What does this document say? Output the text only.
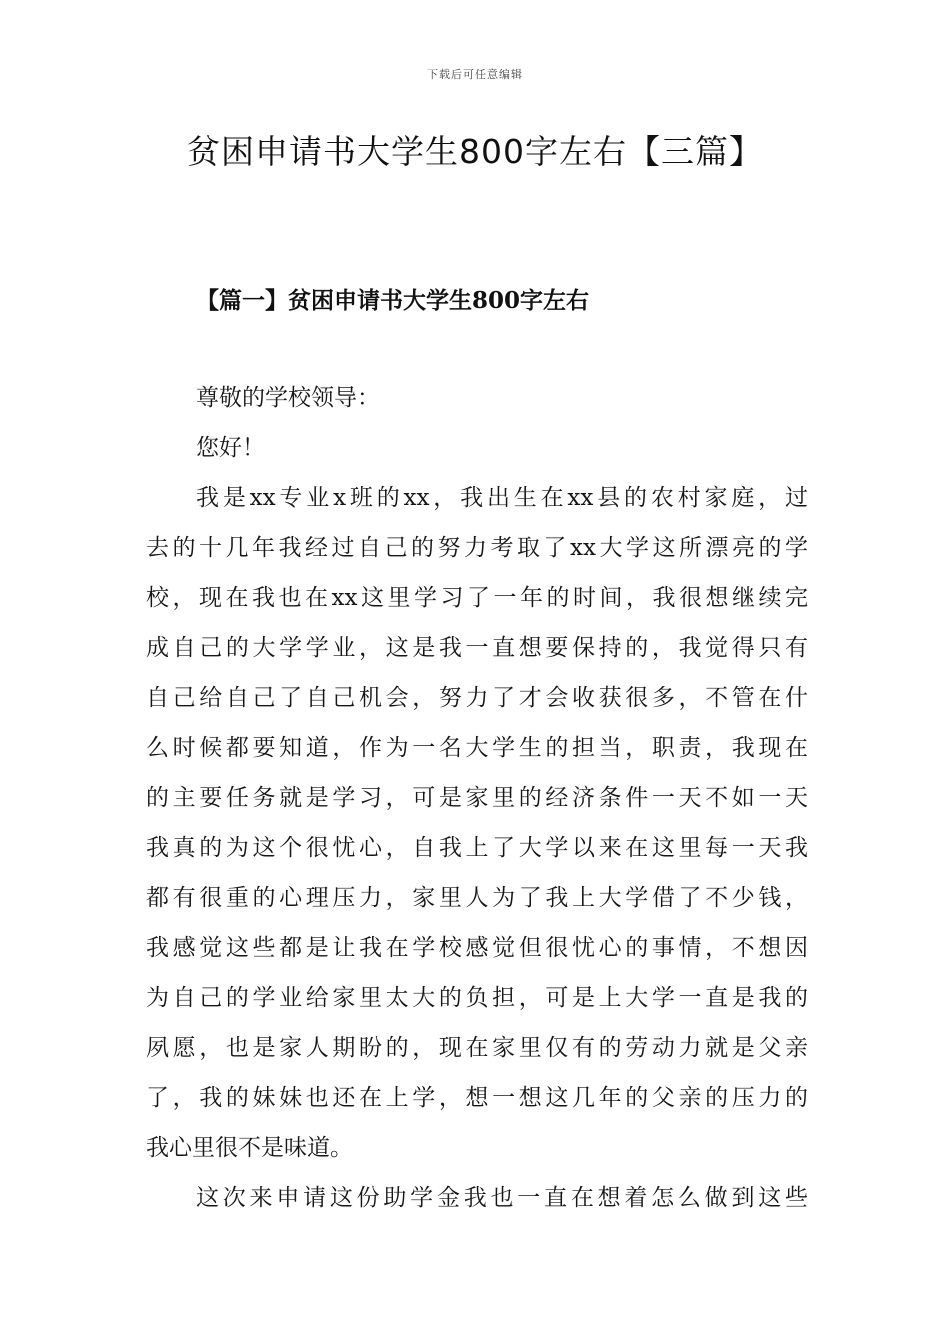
下载后可任意编辑
贫困申请书大学生800字左右【三篇】
【篇一】贫困申请书大学生800字左右
尊敬的学校领导：
您好！
我是xx专业x班的xx，我出生在xx县的农村家庭，过
去的十几年我经过自己的努力考取了xx大学这所漂亮的学
校，现在我也在xx这里学习了一年的时间，我很想继续完
成自己的大学学业，这是我一直想要保持的，我觉得只有
自己给自己了自己机会，努力了才会收获很多，不管在什
么时候都要知道，作为一名大学生的担当，职责，我现在
的主要任务就是学习，可是家里的经济条件一天不如一天
我真的为这个很忧心，自我上了大学以来在这里每一天我
都有很重的心理压力，家里人为了我上大学借了不少钱，
我感觉这些都是让我在学校感觉但很忧心的事情，不想因
为自己的学业给家里太大的负担，可是上大学一直是我的
夙愿，也是家人期盼的，现在家里仅有的劳动力就是父亲
了，我的妹妹也还在上学，想一想这几年的父亲的压力的
我心里很不是味道。
这次来申请这份助学金我也一直在想着怎么做到这些
